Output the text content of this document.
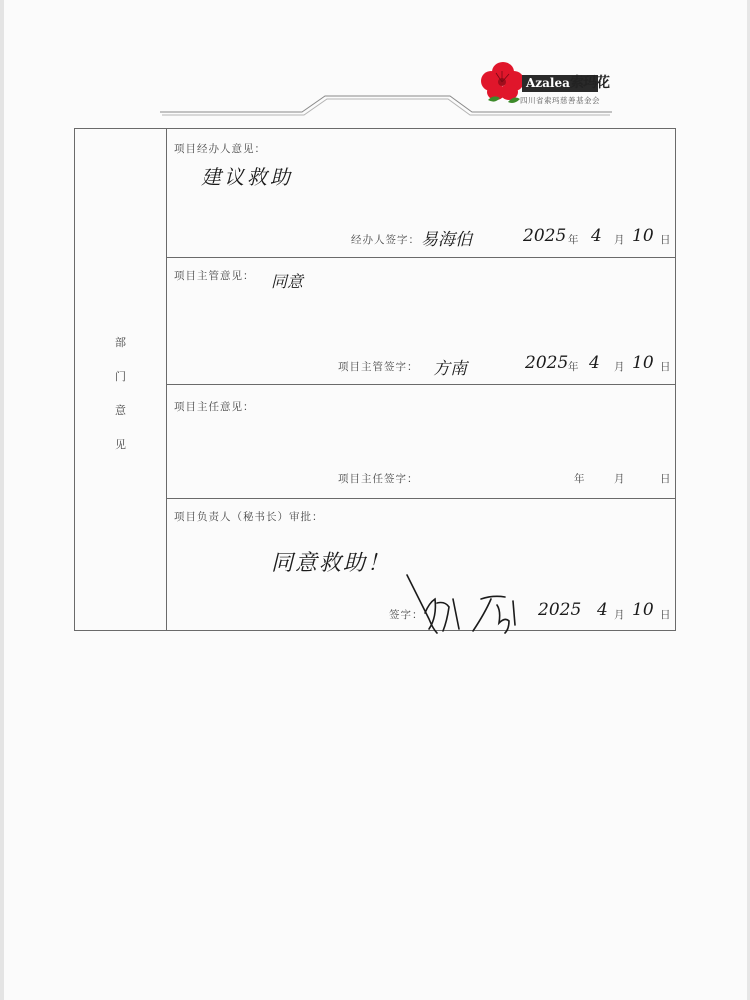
Azalea 索玛花
四川省索玛慈善基金会
部
门
意
见
项目经办人意见：
建议救助
经办人签字： 易海伯	2025 年 4 月 10 日
项目主管意见： 同意
项目主管签字： 方南	2025 年 4 月 10 日
项目主任意见：
项目主任签字：	年	月	日
项目负责人（秘书长）审批：
同意救助！
签字：	2025 4 月 10 日
